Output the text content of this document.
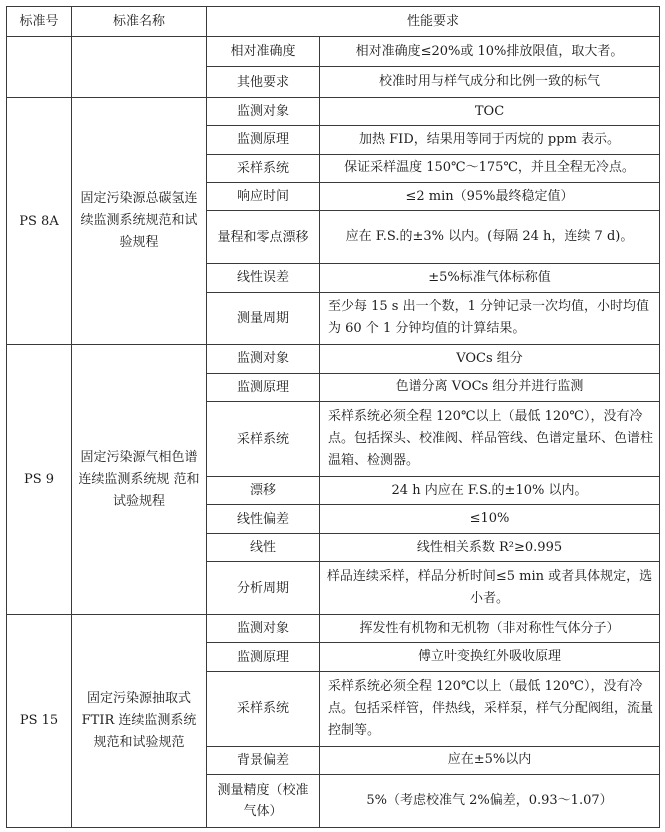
标准号	标准名称	性能要求	
		相对准确度	相对准确度≤20%或 10%排放限值，取大者。
		其他要求	校准时用与样气成分和比例一致的标气
PS 8A	固定污染源总碳氢连续监测系统规范和试验规程	监测对象	TOC
		监测原理	加热 FID，结果用等同于丙烷的 ppm 表示。
		采样系统	保证采样温度 150℃～175℃，并且全程无冷点。
		响应时间	≤2 min（95%最终稳定值）
		量程和零点漂移	应在 F.S.的±3% 以内。(每隔 24 h，连续 7 d)。
		线性误差	±5%标准气体标称值
		测量周期	至少每 15 s 出一个数，1 分钟记录一次均值，小时均值为 60 个 1 分钟均值的计算结果。
PS 9	固定污染源气相色谱连续监测系统规 范和试验规程	监测对象	VOCs 组分
		监测原理	色谱分离 VOCs 组分并进行监测
		采样系统	采样系统必须全程 120℃以上（最低 120℃），没有冷点。包括探头、校准阀、样品管线、色谱定量环、色谱柱温箱、检测器。
		漂移	24 h 内应在 F.S.的±10% 以内。
		线性偏差	≤10%
		线性	线性相关系数 R²≥0.995
		分析周期	样品连续采样，样品分析时间≤5 min 或者具体规定，选小者。
PS 15	固定污染源抽取式 FTIR 连续监测系统 规范和试验规范	监测对象	挥发性有机物和无机物（非对称性气体分子）
		监测原理	傅立叶变换红外吸收原理
		采样系统	采样系统必须全程 120℃以上（最低 120℃），没有冷点。包括采样管，伴热线，采样泵，样气分配阀组，流量控制等。
		背景偏差	应在±5%以内
		测量精度（校准气体）	5%（考虑校准气 2%偏差，0.93～1.07）
